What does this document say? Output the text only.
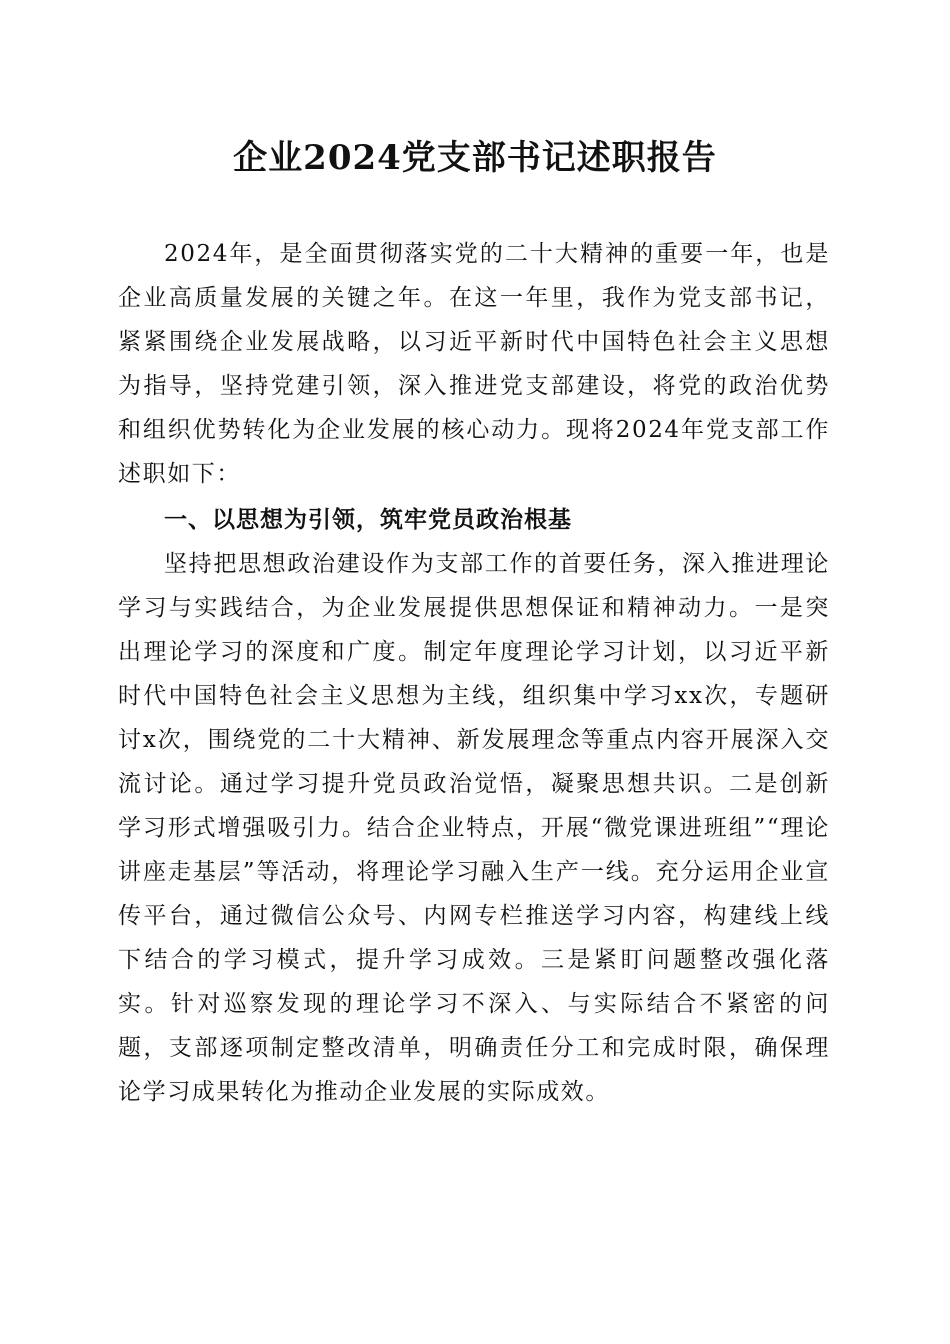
企业2024党支部书记述职报告

2024年，是全面贯彻落实党的二十大精神的重要一年，也是企业高质量发展的关键之年。在这一年里，我作为党支部书记，紧紧围绕企业发展战略，以习近平新时代中国特色社会主义思想为指导，坚持党建引领，深入推进党支部建设，将党的政治优势和组织优势转化为企业发展的核心动力。现将2024年党支部工作述职如下：

一、以思想为引领，筑牢党员政治根基

坚持把思想政治建设作为支部工作的首要任务，深入推进理论学习与实践结合，为企业发展提供思想保证和精神动力。一是突出理论学习的深度和广度。制定年度理论学习计划，以习近平新时代中国特色社会主义思想为主线，组织集中学习xx次，专题研讨x次，围绕党的二十大精神、新发展理念等重点内容开展深入交流讨论。通过学习提升党员政治觉悟，凝聚思想共识。二是创新学习形式增强吸引力。结合企业特点，开展“微党课进班组”“理论讲座走基层”等活动，将理论学习融入生产一线。充分运用企业宣传平台，通过微信公众号、内网专栏推送学习内容，构建线上线下结合的学习模式，提升学习成效。三是紧盯问题整改强化落实。针对巡察发现的理论学习不深入、与实际结合不紧密的问题，支部逐项制定整改清单，明确责任分工和完成时限，确保理论学习成果转化为推动企业发展的实际成效。
